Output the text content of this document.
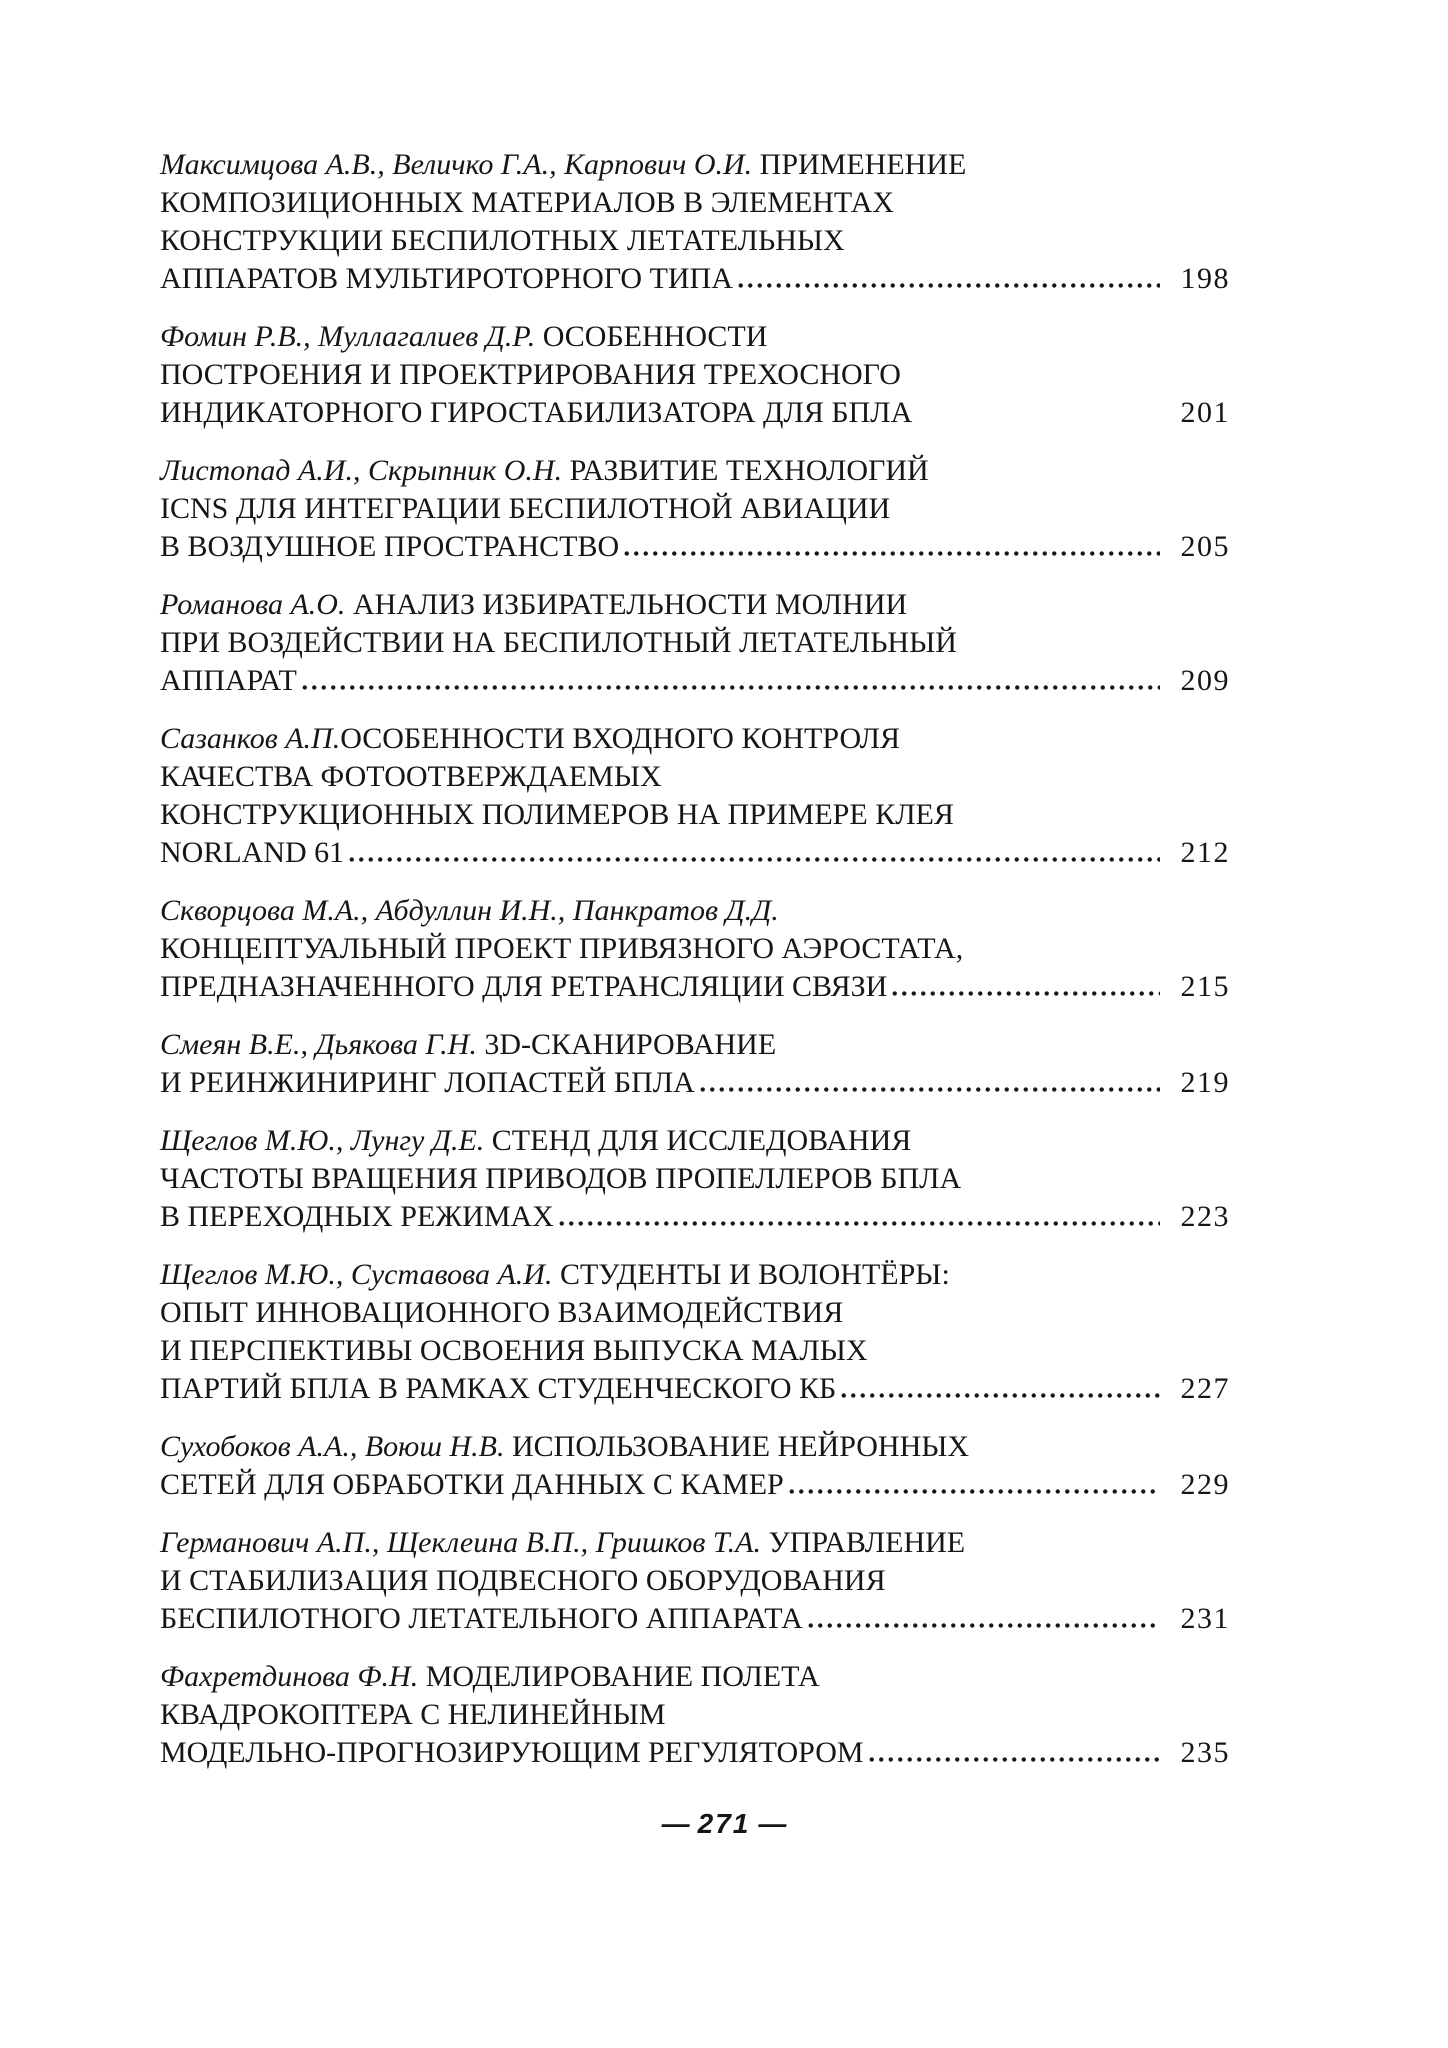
Максимцова А.В., Величко Г.А., Карпович О.И. ПРИМЕНЕНИЕ
КОМПОЗИЦИОННЫХ МАТЕРИАЛОВ В ЭЛЕМЕНТАХ
КОНСТРУКЦИИ БЕСПИЛОТНЫХ ЛЕТАТЕЛЬНЫХ
АППАРАТОВ МУЛЬТИРОТОРНОГО ТИПА	198
Фомин Р.В., Муллагалиев Д.Р. ОСОБЕННОСТИ
ПОСТРОЕНИЯ И ПРОЕКТРИРОВАНИЯ ТРЕХОСНОГО
ИНДИКАТОРНОГО ГИРОСТАБИЛИЗАТОРА ДЛЯ БПЛА	201
Листопад А.И., Скрыпник О.Н. РАЗВИТИЕ ТЕХНОЛОГИЙ
ICNS ДЛЯ ИНТЕГРАЦИИ БЕСПИЛОТНОЙ АВИАЦИИ
В ВОЗДУШНОЕ ПРОСТРАНСТВО	205
Романова А.О. АНАЛИЗ ИЗБИРАТЕЛЬНОСТИ МОЛНИИ
ПРИ ВОЗДЕЙСТВИИ НА БЕСПИЛОТНЫЙ ЛЕТАТЕЛЬНЫЙ
АППАРАТ	209
Сазанков А.П.ОСОБЕННОСТИ ВХОДНОГО КОНТРОЛЯ
КАЧЕСТВА ФОТООТВЕРЖДАЕМЫХ
КОНСТРУКЦИОННЫХ ПОЛИМЕРОВ НА ПРИМЕРЕ КЛЕЯ
NORLAND 61	212
Скворцова М.А., Абдуллин И.Н., Панкратов Д.Д.
КОНЦЕПТУАЛЬНЫЙ ПРОЕКТ ПРИВЯЗНОГО АЭРОСТАТА,
ПРЕДНАЗНАЧЕННОГО ДЛЯ РЕТРАНСЛЯЦИИ СВЯЗИ	215
Смеян В.Е., Дьякова Г.Н. 3D-СКАНИРОВАНИЕ
И РЕИНЖИНИРИНГ ЛОПАСТЕЙ БПЛА	219
Щеглов М.Ю., Лунгу Д.Е. СТЕНД ДЛЯ ИССЛЕДОВАНИЯ
ЧАСТОТЫ ВРАЩЕНИЯ ПРИВОДОВ ПРОПЕЛЛЕРОВ БПЛА
В ПЕРЕХОДНЫХ РЕЖИМАХ	223
Щеглов М.Ю., Суставова А.И. СТУДЕНТЫ И ВОЛОНТЁРЫ:
ОПЫТ ИННОВАЦИОННОГО ВЗАИМОДЕЙСТВИЯ
И ПЕРСПЕКТИВЫ ОСВОЕНИЯ ВЫПУСКА МАЛЫХ
ПАРТИЙ БПЛА В РАМКАХ СТУДЕНЧЕСКОГО КБ	227
Сухобоков А.А., Воюш Н.В. ИСПОЛЬЗОВАНИЕ НЕЙРОННЫХ
СЕТЕЙ ДЛЯ ОБРАБОТКИ ДАННЫХ С КАМЕР	229
Германович А.П., Щеклеина В.П., Гришков Т.А. УПРАВЛЕНИЕ
И СТАБИЛИЗАЦИЯ ПОДВЕСНОГО ОБОРУДОВАНИЯ
БЕСПИЛОТНОГО ЛЕТАТЕЛЬНОГО АППАРАТА	231
Фахретдинова Ф.Н. МОДЕЛИРОВАНИЕ ПОЛЕТА
КВАДРОКОПТЕРА С НЕЛИНЕЙНЫМ
МОДЕЛЬНО-ПРОГНОЗИРУЮЩИМ РЕГУЛЯТОРОМ	235
— 271 —
